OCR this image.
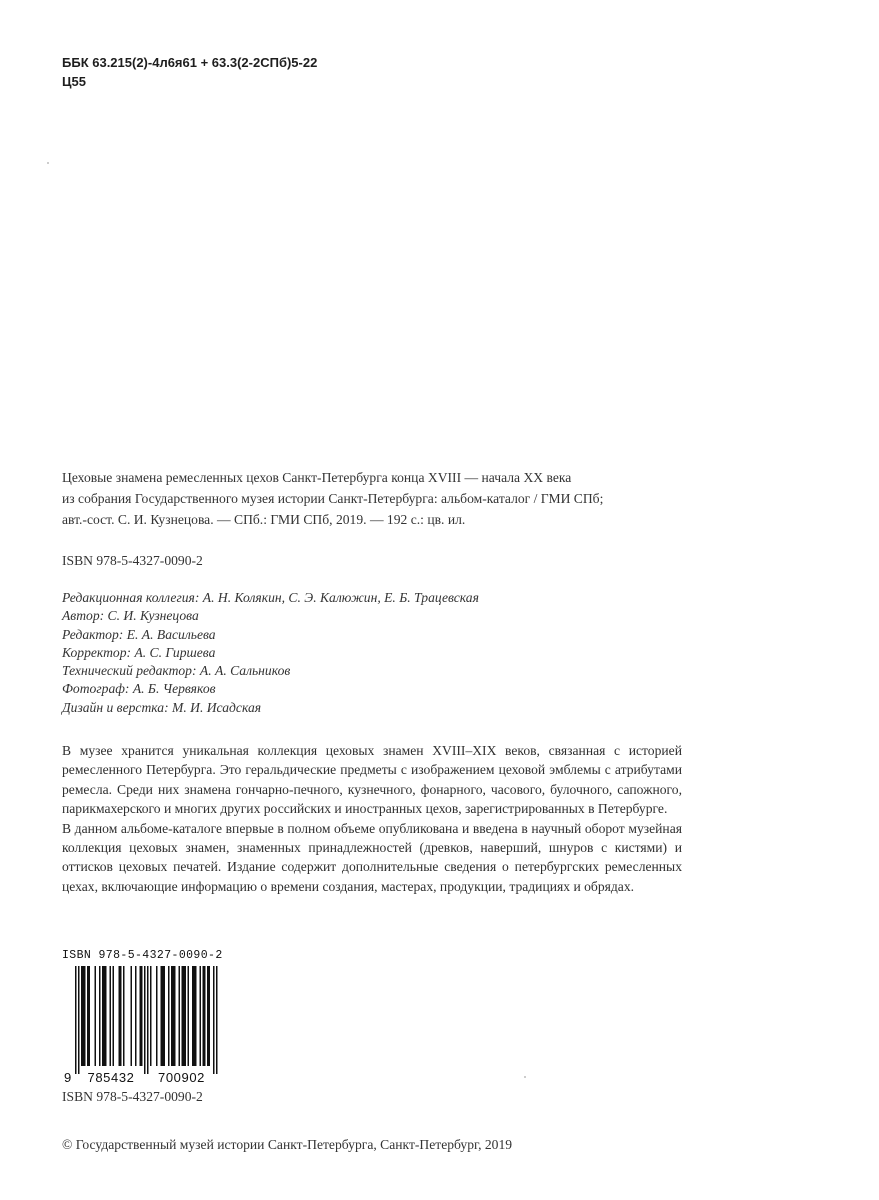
ББК 63.215(2)-4л6я61 + 63.3(2-2СПб)5-22
Ц55
Цеховые знамена ремесленных цехов Санкт-Петербурга конца XVIII — начала XX века
из собрания Государственного музея истории Санкт-Петербурга: альбом-каталог / ГМИ СПб;
авт.-сост. С. И. Кузнецова. — СПб.: ГМИ СПб, 2019. — 192 с.: цв. ил.
ISBN 978-5-4327-0090-2
Редакционная коллегия: А. Н. Колякин, С. Э. Калюжин, Е. Б. Трацевская
Автор: С. И. Кузнецова
Редактор: Е. А. Васильева
Корректор: А. С. Гиршева
Технический редактор: А. А. Сальников
Фотограф: А. Б. Червяков
Дизайн и верстка: М. И. Исадская

В музее хранится уникальная коллекция цеховых знамен XVIII–XIX веков, связанная с историей ремесленного Петербурга. Это геральдические предметы с изображением цеховой эмблемы с атрибутами ремесла. Среди них знамена гончарно-печного, кузнечного, фонарного, часового, булочного, сапожного, парикмахерского и многих других российских и иностранных цехов, зарегистрированных в Петербурге.

В данном альбоме-каталоге впервые в полном объеме опубликована и введена в научный оборот музейная коллекция цеховых знамен, знаменных принадлежностей (древков, наверший, шнуров с кистями) и оттисков цеховых печатей. Издание содержит дополнительные сведения о петербургских ремесленных цехах, включающие информацию о времени создания, мастерах, продукции, традициях и обрядах.

ISBN 978-5-4327-0090-2
9 785432 700902
ISBN 978-5-4327-0090-2
© Государственный музей истории Санкт-Петербурга, Санкт-Петербург, 2019
